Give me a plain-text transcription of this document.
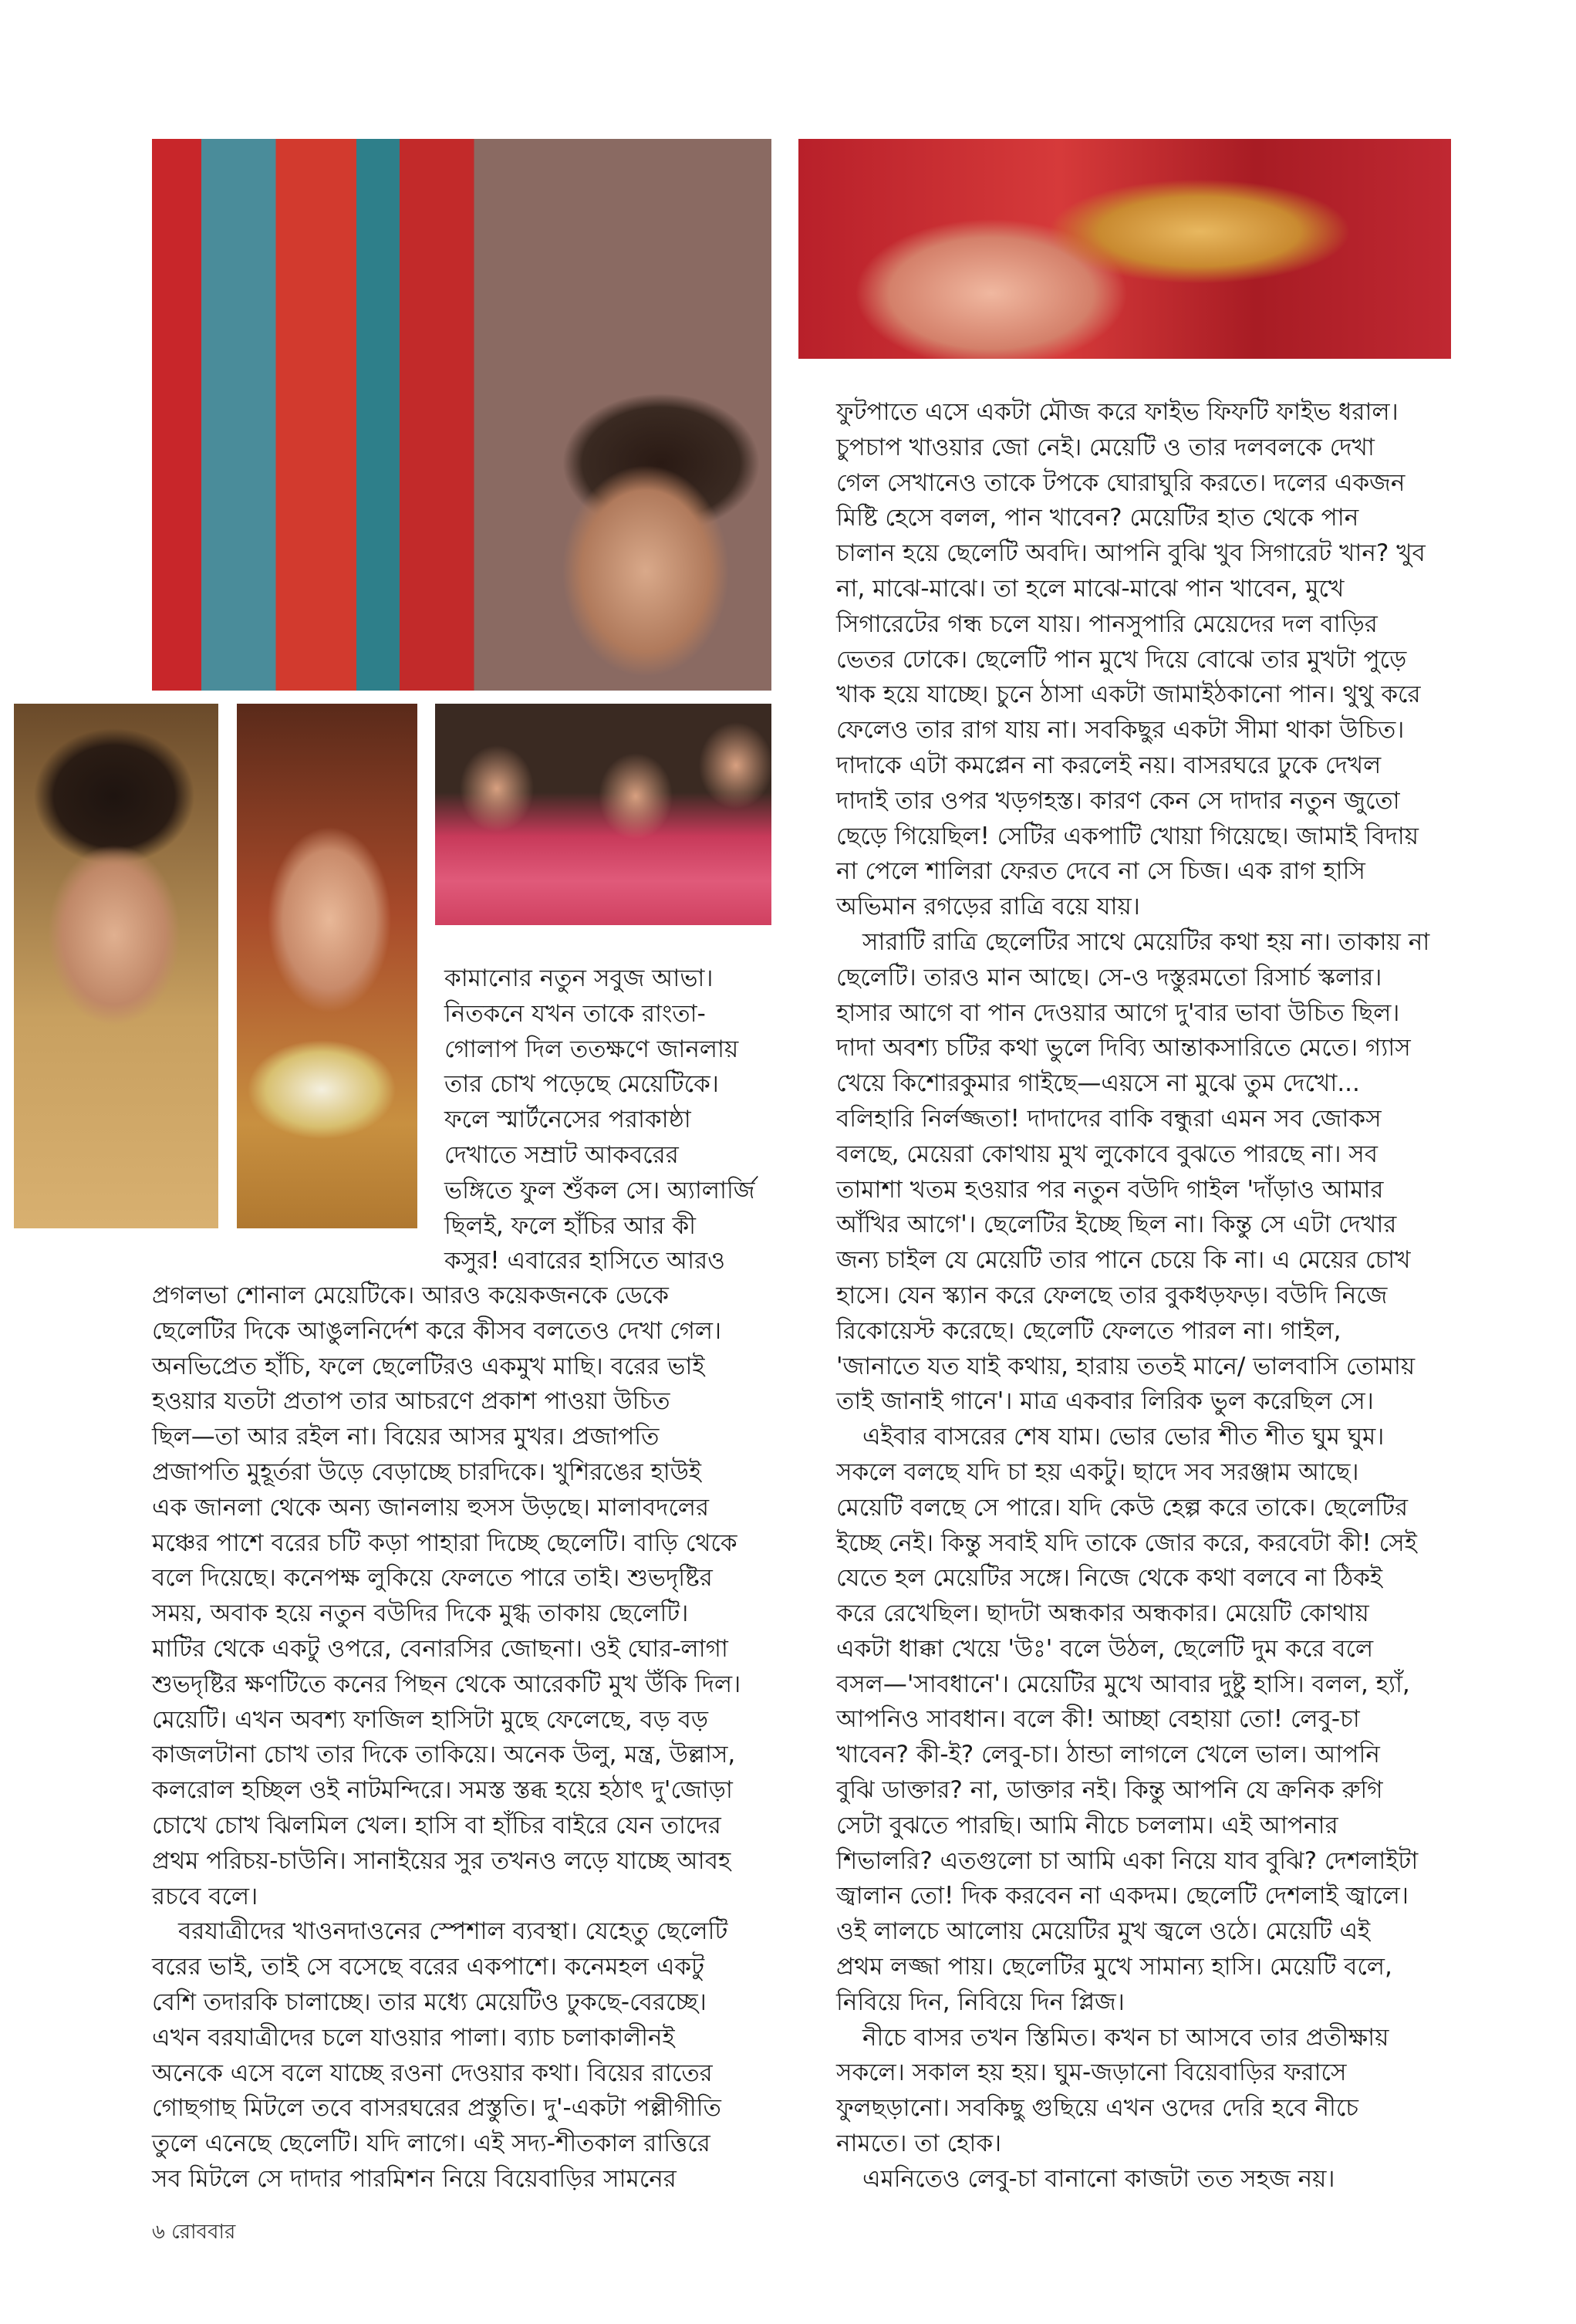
কামানোর নতুন সবুজ আভা।
নিতকনে যখন তাকে রাংতা-
গোলাপ দিল ততক্ষণে জানলায়
তার চোখ পড়েছে মেয়েটিকে।
ফলে স্মার্টনেসের পরাকাষ্ঠা
দেখাতে সম্রাট আকবরের
ভঙ্গিতে ফুল শুঁকল সে। অ্যালার্জি
ছিলই, ফলে হাঁচির আর কী
কসুর! এবারের হাসিতে আরও
প্রগলভা শোনাল মেয়েটিকে। আরও কয়েকজনকে ডেকে
ছেলেটির দিকে আঙুলনির্দেশ করে কীসব বলতেও দেখা গেল।
অনভিপ্রেত হাঁচি, ফলে ছেলেটিরও একমুখ মাছি। বরের ভাই
হওয়ার যতটা প্রতাপ তার আচরণে প্রকাশ পাওয়া উচিত
ছিল—তা আর রইল না। বিয়ের আসর মুখর। প্রজাপতি
প্রজাপতি মুহূর্তরা উড়ে বেড়াচ্ছে চারদিকে। খুশিরঙের হাউই
এক জানলা থেকে অন্য জানলায় হুসস উড়ছে। মালাবদলের
মঞ্চের পাশে বরের চটি কড়া পাহারা দিচ্ছে ছেলেটি। বাড়ি থেকে
বলে দিয়েছে। কনেপক্ষ লুকিয়ে ফেলতে পারে তাই। শুভদৃষ্টির
সময়, অবাক হয়ে নতুন বউদির দিকে মুগ্ধ তাকায় ছেলেটি।
মাটির থেকে একটু ওপরে, বেনারসির জোছনা। ওই ঘোর-লাগা
শুভদৃষ্টির ক্ষণটিতে কনের পিছন থেকে আরেকটি মুখ উঁকি দিল।
মেয়েটি। এখন অবশ্য ফাজিল হাসিটা মুছে ফেলেছে, বড় বড়
কাজলটানা চোখ তার দিকে তাকিয়ে। অনেক উলু, মন্ত্র, উল্লাস,
কলরোল হচ্ছিল ওই নাটমন্দিরে। সমস্ত স্তব্ধ হয়ে হঠাৎ দু'জোড়া
চোখে চোখ ঝিলমিল খেল। হাসি বা হাঁচির বাইরে যেন তাদের
প্রথম পরিচয়-চাউনি। সানাইয়ের সুর তখনও লড়ে যাচ্ছে আবহ
রচবে বলে।
বরযাত্রীদের খাওনদাওনের স্পেশাল ব্যবস্থা। যেহেতু ছেলেটি
বরের ভাই, তাই সে বসেছে বরের একপাশে। কনেমহল একটু
বেশি তদারকি চালাচ্ছে। তার মধ্যে মেয়েটিও ঢুকছে-বেরচ্ছে।
এখন বরযাত্রীদের চলে যাওয়ার পালা। ব্যাচ চলাকালীনই
অনেকে এসে বলে যাচ্ছে রওনা দেওয়ার কথা। বিয়ের রাতের
গোছগাছ মিটলে তবে বাসরঘরের প্রস্তুতি। দু'-একটা পল্লীগীতি
তুলে এনেছে ছেলেটি। যদি লাগে। এই সদ্য-শীতকাল রাত্তিরে
সব মিটলে সে দাদার পারমিশন নিয়ে বিয়েবাড়ির সামনের
ফুটপাতে এসে একটা মৌজ করে ফাইভ ফিফটি ফাইভ ধরাল।
চুপচাপ খাওয়ার জো নেই। মেয়েটি ও তার দলবলকে দেখা
গেল সেখানেও তাকে টপকে ঘোরাঘুরি করতে। দলের একজন
মিষ্টি হেসে বলল, পান খাবেন? মেয়েটির হাত থেকে পান
চালান হয়ে ছেলেটি অবদি। আপনি বুঝি খুব সিগারেট খান? খুব
না, মাঝে-মাঝে। তা হলে মাঝে-মাঝে পান খাবেন, মুখে
সিগারেটের গন্ধ চলে যায়। পানসুপারি মেয়েদের দল বাড়ির
ভেতর ঢোকে। ছেলেটি পান মুখে দিয়ে বোঝে তার মুখটা পুড়ে
খাক হয়ে যাচ্ছে। চুনে ঠাসা একটা জামাইঠকানো পান। থুথু করে
ফেলেও তার রাগ যায় না। সবকিছুর একটা সীমা থাকা উচিত।
দাদাকে এটা কমপ্লেন না করলেই নয়। বাসরঘরে ঢুকে দেখল
দাদাই তার ওপর খড়গহস্ত। কারণ কেন সে দাদার নতুন জুতো
ছেড়ে গিয়েছিল! সেটির একপাটি খোয়া গিয়েছে। জামাই বিদায়
না পেলে শালিরা ফেরত দেবে না সে চিজ। এক রাগ হাসি
অভিমান রগড়ের রাত্রি বয়ে যায়।
সারাটি রাত্রি ছেলেটির সাথে মেয়েটির কথা হয় না। তাকায় না
ছেলেটি। তারও মান আছে। সে-ও দস্তুরমতো রিসার্চ স্কলার।
হাসার আগে বা পান দেওয়ার আগে দু'বার ভাবা উচিত ছিল।
দাদা অবশ্য চটির কথা ভুলে দিব্যি আন্তাকসারিতে মেতে। গ্যাস
খেয়ে কিশোরকুমার গাইছে—এয়সে না মুঝে তুম দেখো...
বলিহারি নির্লজ্জতা! দাদাদের বাকি বন্ধুরা এমন সব জোকস
বলছে, মেয়েরা কোথায় মুখ লুকোবে বুঝতে পারছে না। সব
তামাশা খতম হওয়ার পর নতুন বউদি গাইল 'দাঁড়াও আমার
আঁখির আগে'। ছেলেটির ইচ্ছে ছিল না। কিন্তু সে এটা দেখার
জন্য চাইল যে মেয়েটি তার পানে চেয়ে কি না। এ মেয়ের চোখ
হাসে। যেন স্ক্যান করে ফেলছে তার বুকধড়ফড়। বউদি নিজে
রিকোয়েস্ট করেছে। ছেলেটি ফেলতে পারল না। গাইল,
'জানাতে যত যাই কথায়, হারায় ততই মানে/ ভালবাসি তোমায়
তাই জানাই গানে'। মাত্র একবার লিরিক ভুল করেছিল সে।
এইবার বাসরের শেষ যাম। ভোর ভোর শীত শীত ঘুম ঘুম।
সকলে বলছে যদি চা হয় একটু। ছাদে সব সরঞ্জাম আছে।
মেয়েটি বলছে সে পারে। যদি কেউ হেল্প করে তাকে। ছেলেটির
ইচ্ছে নেই। কিন্তু সবাই যদি তাকে জোর করে, করবেটা কী! সেই
যেতে হল মেয়েটির সঙ্গে। নিজে থেকে কথা বলবে না ঠিকই
করে রেখেছিল। ছাদটা অন্ধকার অন্ধকার। মেয়েটি কোথায়
একটা ধাক্কা খেয়ে 'উঃ' বলে উঠল, ছেলেটি দুম করে বলে
বসল—'সাবধানে'। মেয়েটির মুখে আবার দুষ্টু হাসি। বলল, হ্যাঁ,
আপনিও সাবধান। বলে কী! আচ্ছা বেহায়া তো! লেবু-চা
খাবেন? কী-ই? লেবু-চা। ঠান্ডা লাগলে খেলে ভাল। আপনি
বুঝি ডাক্তার? না, ডাক্তার নই। কিন্তু আপনি যে ক্রনিক রুগি
সেটা বুঝতে পারছি। আমি নীচে চললাম। এই আপনার
শিভালরি? এতগুলো চা আমি একা নিয়ে যাব বুঝি? দেশলাইটা
জ্বালান তো! দিক করবেন না একদম। ছেলেটি দেশলাই জ্বালে।
ওই লালচে আলোয় মেয়েটির মুখ জ্বলে ওঠে। মেয়েটি এই
প্রথম লজ্জা পায়। ছেলেটির মুখে সামান্য হাসি। মেয়েটি বলে,
নিবিয়ে দিন, নিবিয়ে দিন প্লিজ।
নীচে বাসর তখন স্তিমিত। কখন চা আসবে তার প্রতীক্ষায়
সকলে। সকাল হয় হয়। ঘুম-জড়ানো বিয়েবাড়ির ফরাসে
ফুলছড়ানো। সবকিছু গুছিয়ে এখন ওদের দেরি হবে নীচে
নামতে। তা হোক।
এমনিতেও লেবু-চা বানানো কাজটা তত সহজ নয়।
৬ রোববার
